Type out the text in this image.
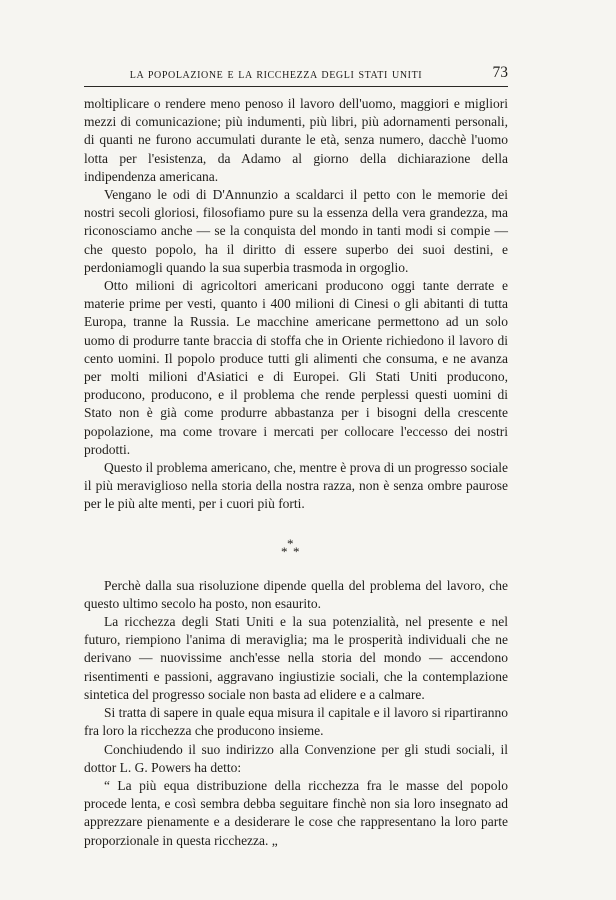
LA POPOLAZIONE E LA RICCHEZZA DEGLI STATI UNITI	73

moltiplicare o rendere meno penoso il lavoro dell'uomo, maggiori e migliori mezzi di comunicazione; più indumenti, più libri, più adornamenti personali, di quanti ne furono accumulati durante le età, senza numero, dacchè l'uomo lotta per l'esistenza, da Adamo al giorno della dichiarazione della indipendenza americana.

Vengano le odi di D'Annunzio a scaldarci il petto con le memorie dei nostri secoli gloriosi, filosofiamo pure su la essenza della vera grandezza, ma riconosciamo anche — se la conquista del mondo in tanti modi si compie — che questo popolo, ha il diritto di essere superbo dei suoi destini, e perdoniamogli quando la sua superbia trasmoda in orgoglio.

Otto milioni di agricoltori americani producono oggi tante derrate e materie prime per vesti, quanto i 400 milioni di Cinesi o gli abitanti di tutta Europa, tranne la Russia. Le macchine americane permettono ad un solo uomo di produrre tante braccia di stoffa che in Oriente richiedono il lavoro di cento uomini. Il popolo produce tutti gli alimenti che consuma, e ne avanza per molti milioni d'Asiatici e di Europei. Gli Stati Uniti producono, producono, producono, e il problema che rende perplessi questi uomini di Stato non è già come produrre abbastanza per i bisogni della crescente popolazione, ma come trovare i mercati per collocare l'eccesso dei nostri prodotti.

Questo il problema americano, che, mentre è prova di un progresso sociale il più meraviglioso nella storia della nostra razza, non è senza ombre paurose per le più alte menti, per i cuori più forti.

*
* *

Perchè dalla sua risoluzione dipende quella del problema del lavoro, che questo ultimo secolo ha posto, non esaurito.

La ricchezza degli Stati Uniti e la sua potenzialità, nel presente e nel futuro, riempiono l'anima di meraviglia; ma le prosperità individuali che ne derivano — nuovissime anch'esse nella storia del mondo — accendono risentimenti e passioni, aggravano ingiustizie sociali, che la contemplazione sintetica del progresso sociale non basta ad elidere e a calmare.

Si tratta di sapere in quale equa misura il capitale e il lavoro si ripartiranno fra loro la ricchezza che producono insieme.

Conchiudendo il suo indirizzo alla Convenzione per gli studi sociali, il dottor L. G. Powers ha detto:

“ La più equa distribuzione della ricchezza fra le masse del popolo procede lenta, e così sembra debba seguitare finchè non sia loro insegnato ad apprezzare pienamente e a desiderare le cose che rappresentano la loro parte proporzionale in questa ricchezza. „
